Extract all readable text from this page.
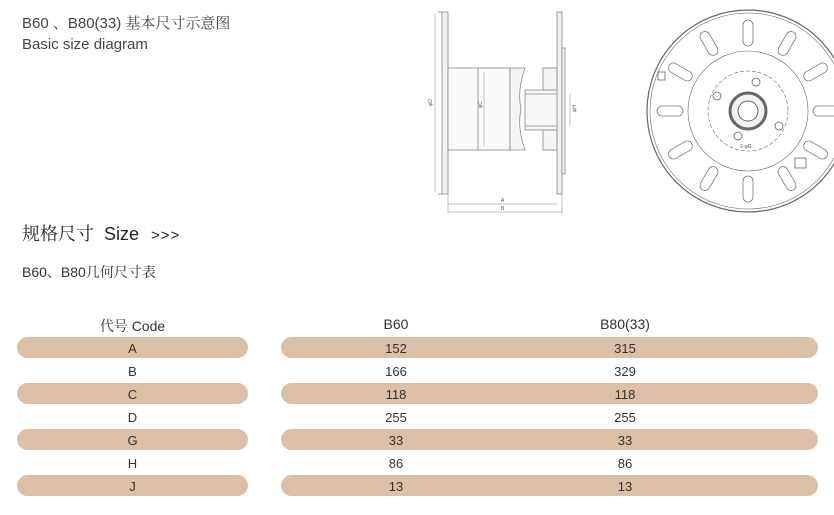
B60 、B80(33) 基本尺寸示意图
Basic size diagram
φD	φC
φH
A
B
2-φG
规格尺寸 Size >>>
B60、B80几何尺寸表
代号 Code	B60	B80(33)
A	152	315
B	166	329
C	118	118
D	255	255
G	33	33
H	86	86
J	13	13
